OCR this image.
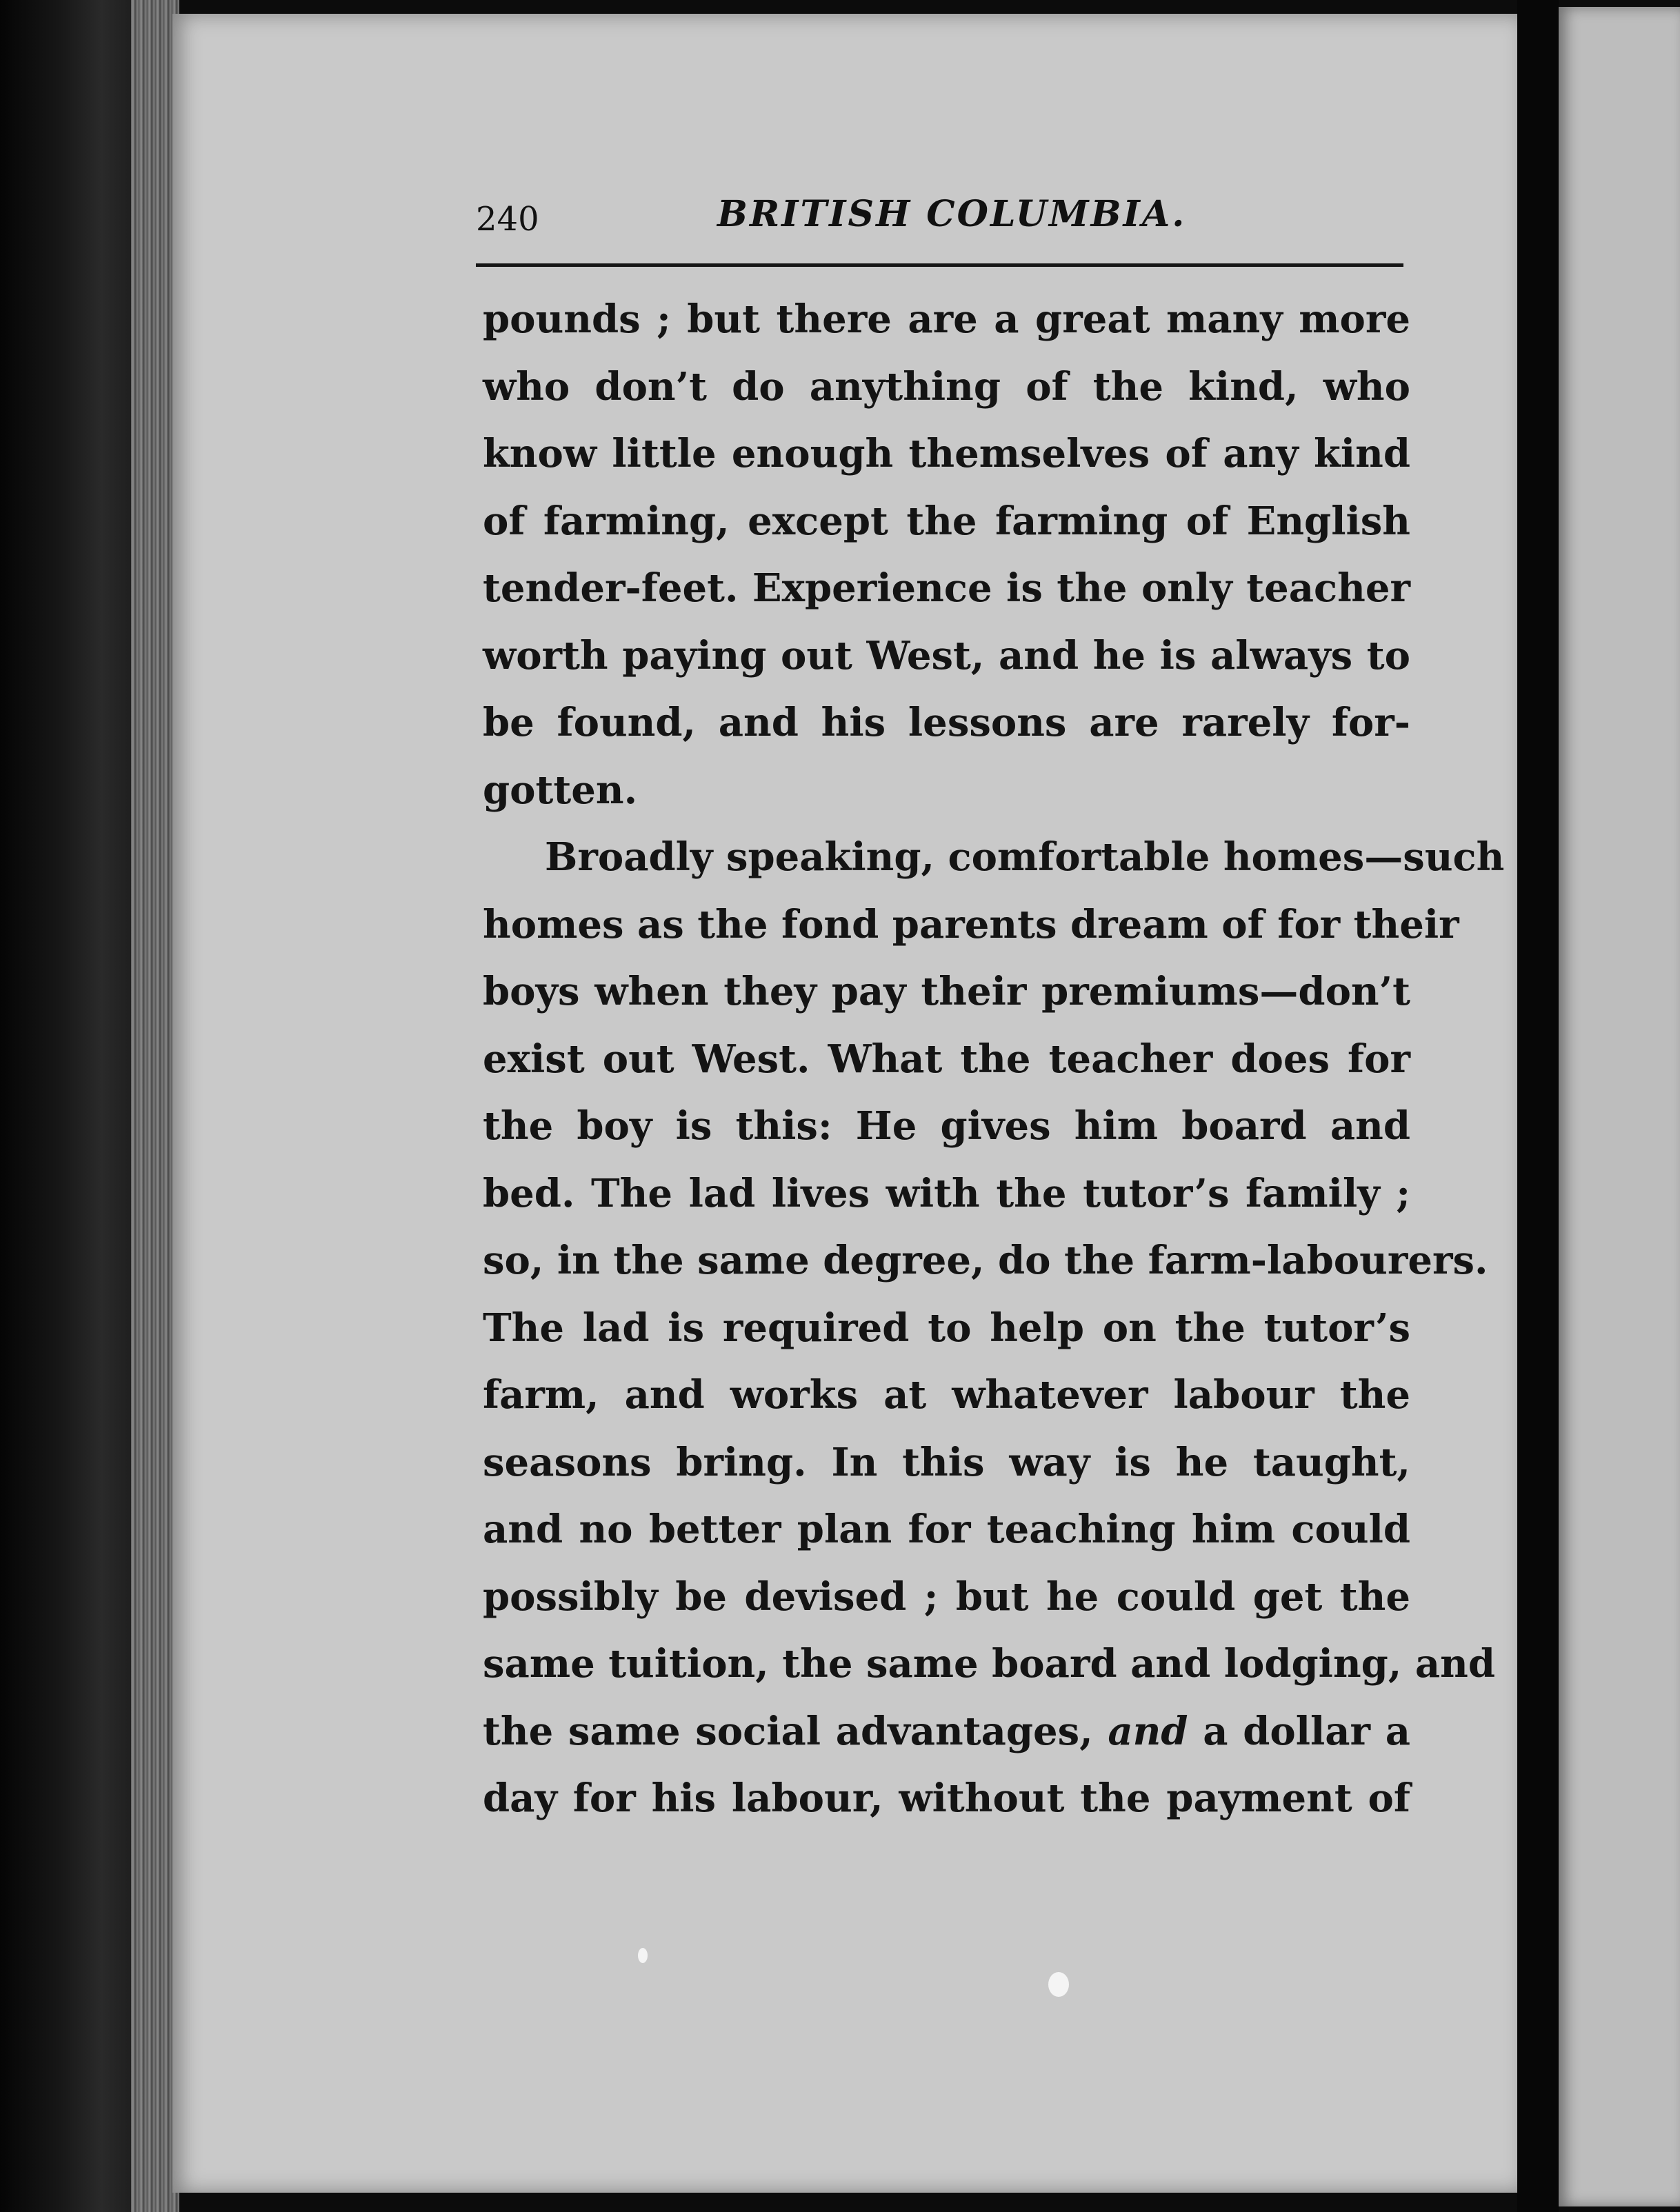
240	BRITISH COLUMBIA.
pounds ; but there are a great many more
who don’t do anything of the kind, who
know little enough themselves of any kind
of farming, except the farming of English
tender-feet. Experience is the only teacher
worth paying out West, and he is always to
be found, and his lessons are rarely for-
gotten.
Broadly speaking, comfortable homes—such
homes as the fond parents dream of for their
boys when they pay their premiums—don’t
exist out West. What the teacher does for
the boy is this: He gives him board and
bed. The lad lives with the tutor’s family ;
so, in the same degree, do the farm-labourers.
The lad is required to help on the tutor’s
farm, and works at whatever labour the
seasons bring. In this way is he taught,
and no better plan for teaching him could
possibly be devised ; but he could get the
same tuition, the same board and lodging, and
the same social advantages, and a dollar a
day for his labour, without the payment of
